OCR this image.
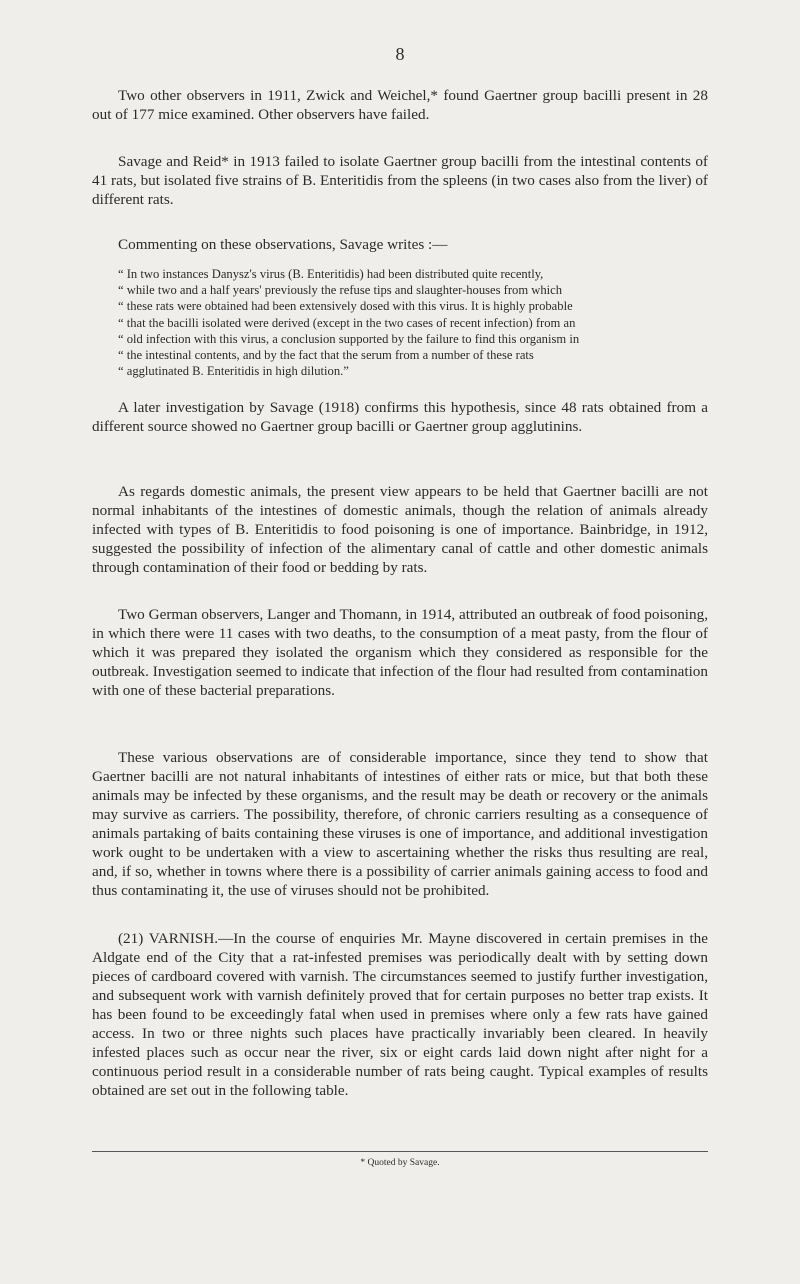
8

Two other observers in 1911, Zwick and Weichel,* found Gaertner group bacilli present in 28 out of 177 mice examined. Other observers have failed.

Savage and Reid* in 1913 failed to isolate Gaertner group bacilli from the intestinal contents of 41 rats, but isolated five strains of B. Enteritidis from the spleens (in two cases also from the liver) of different rats.

Commenting on these observations, Savage writes :—

“ In two instances Danysz's virus (B. Enteritidis) had been distributed quite recently,
“ while two and a half years' previously the refuse tips and slaughter-houses from which
“ these rats were obtained had been extensively dosed with this virus. It is highly probable
“ that the bacilli isolated were derived (except in the two cases of recent infection) from an
“ old infection with this virus, a conclusion supported by the failure to find this organism in
“ the intestinal contents, and by the fact that the serum from a number of these rats
“ agglutinated B. Enteritidis in high dilution.”

A later investigation by Savage (1918) confirms this hypothesis, since 48 rats obtained from a different source showed no Gaertner group bacilli or Gaertner group agglutinins.

As regards domestic animals, the present view appears to be held that Gaertner bacilli are not normal inhabitants of the intestines of domestic animals, though the relation of animals already infected with types of B. Enteritidis to food poisoning is one of importance. Bainbridge, in 1912, suggested the possibility of infection of the alimentary canal of cattle and other domestic animals through contamination of their food or bedding by rats.

Two German observers, Langer and Thomann, in 1914, attributed an outbreak of food poisoning, in which there were 11 cases with two deaths, to the consumption of a meat pasty, from the flour of which it was prepared they isolated the organism which they considered as responsible for the outbreak. Investigation seemed to indicate that infection of the flour had resulted from contamination with one of these bacterial preparations.

These various observations are of considerable importance, since they tend to show that Gaertner bacilli are not natural inhabitants of intestines of either rats or mice, but that both these animals may be infected by these organisms, and the result may be death or recovery or the animals may survive as carriers. The possibility, therefore, of chronic carriers resulting as a consequence of animals partaking of baits containing these viruses is one of importance, and additional investigation work ought to be undertaken with a view to ascertaining whether the risks thus resulting are real, and, if so, whether in towns where there is a possibility of carrier animals gaining access to food and thus contaminating it, the use of viruses should not be prohibited.

(21) VARNISH.—In the course of enquiries Mr. Mayne discovered in certain premises in the Aldgate end of the City that a rat-infested premises was periodically dealt with by setting down pieces of cardboard covered with varnish. The circumstances seemed to justify further investigation, and subsequent work with varnish definitely proved that for certain purposes no better trap exists. It has been found to be exceedingly fatal when used in premises where only a few rats have gained access. In two or three nights such places have practically invariably been cleared. In heavily infested places such as occur near the river, six or eight cards laid down night after night for a continuous period result in a considerable number of rats being caught. Typical examples of results obtained are set out in the following table.

* Quoted by Savage.
